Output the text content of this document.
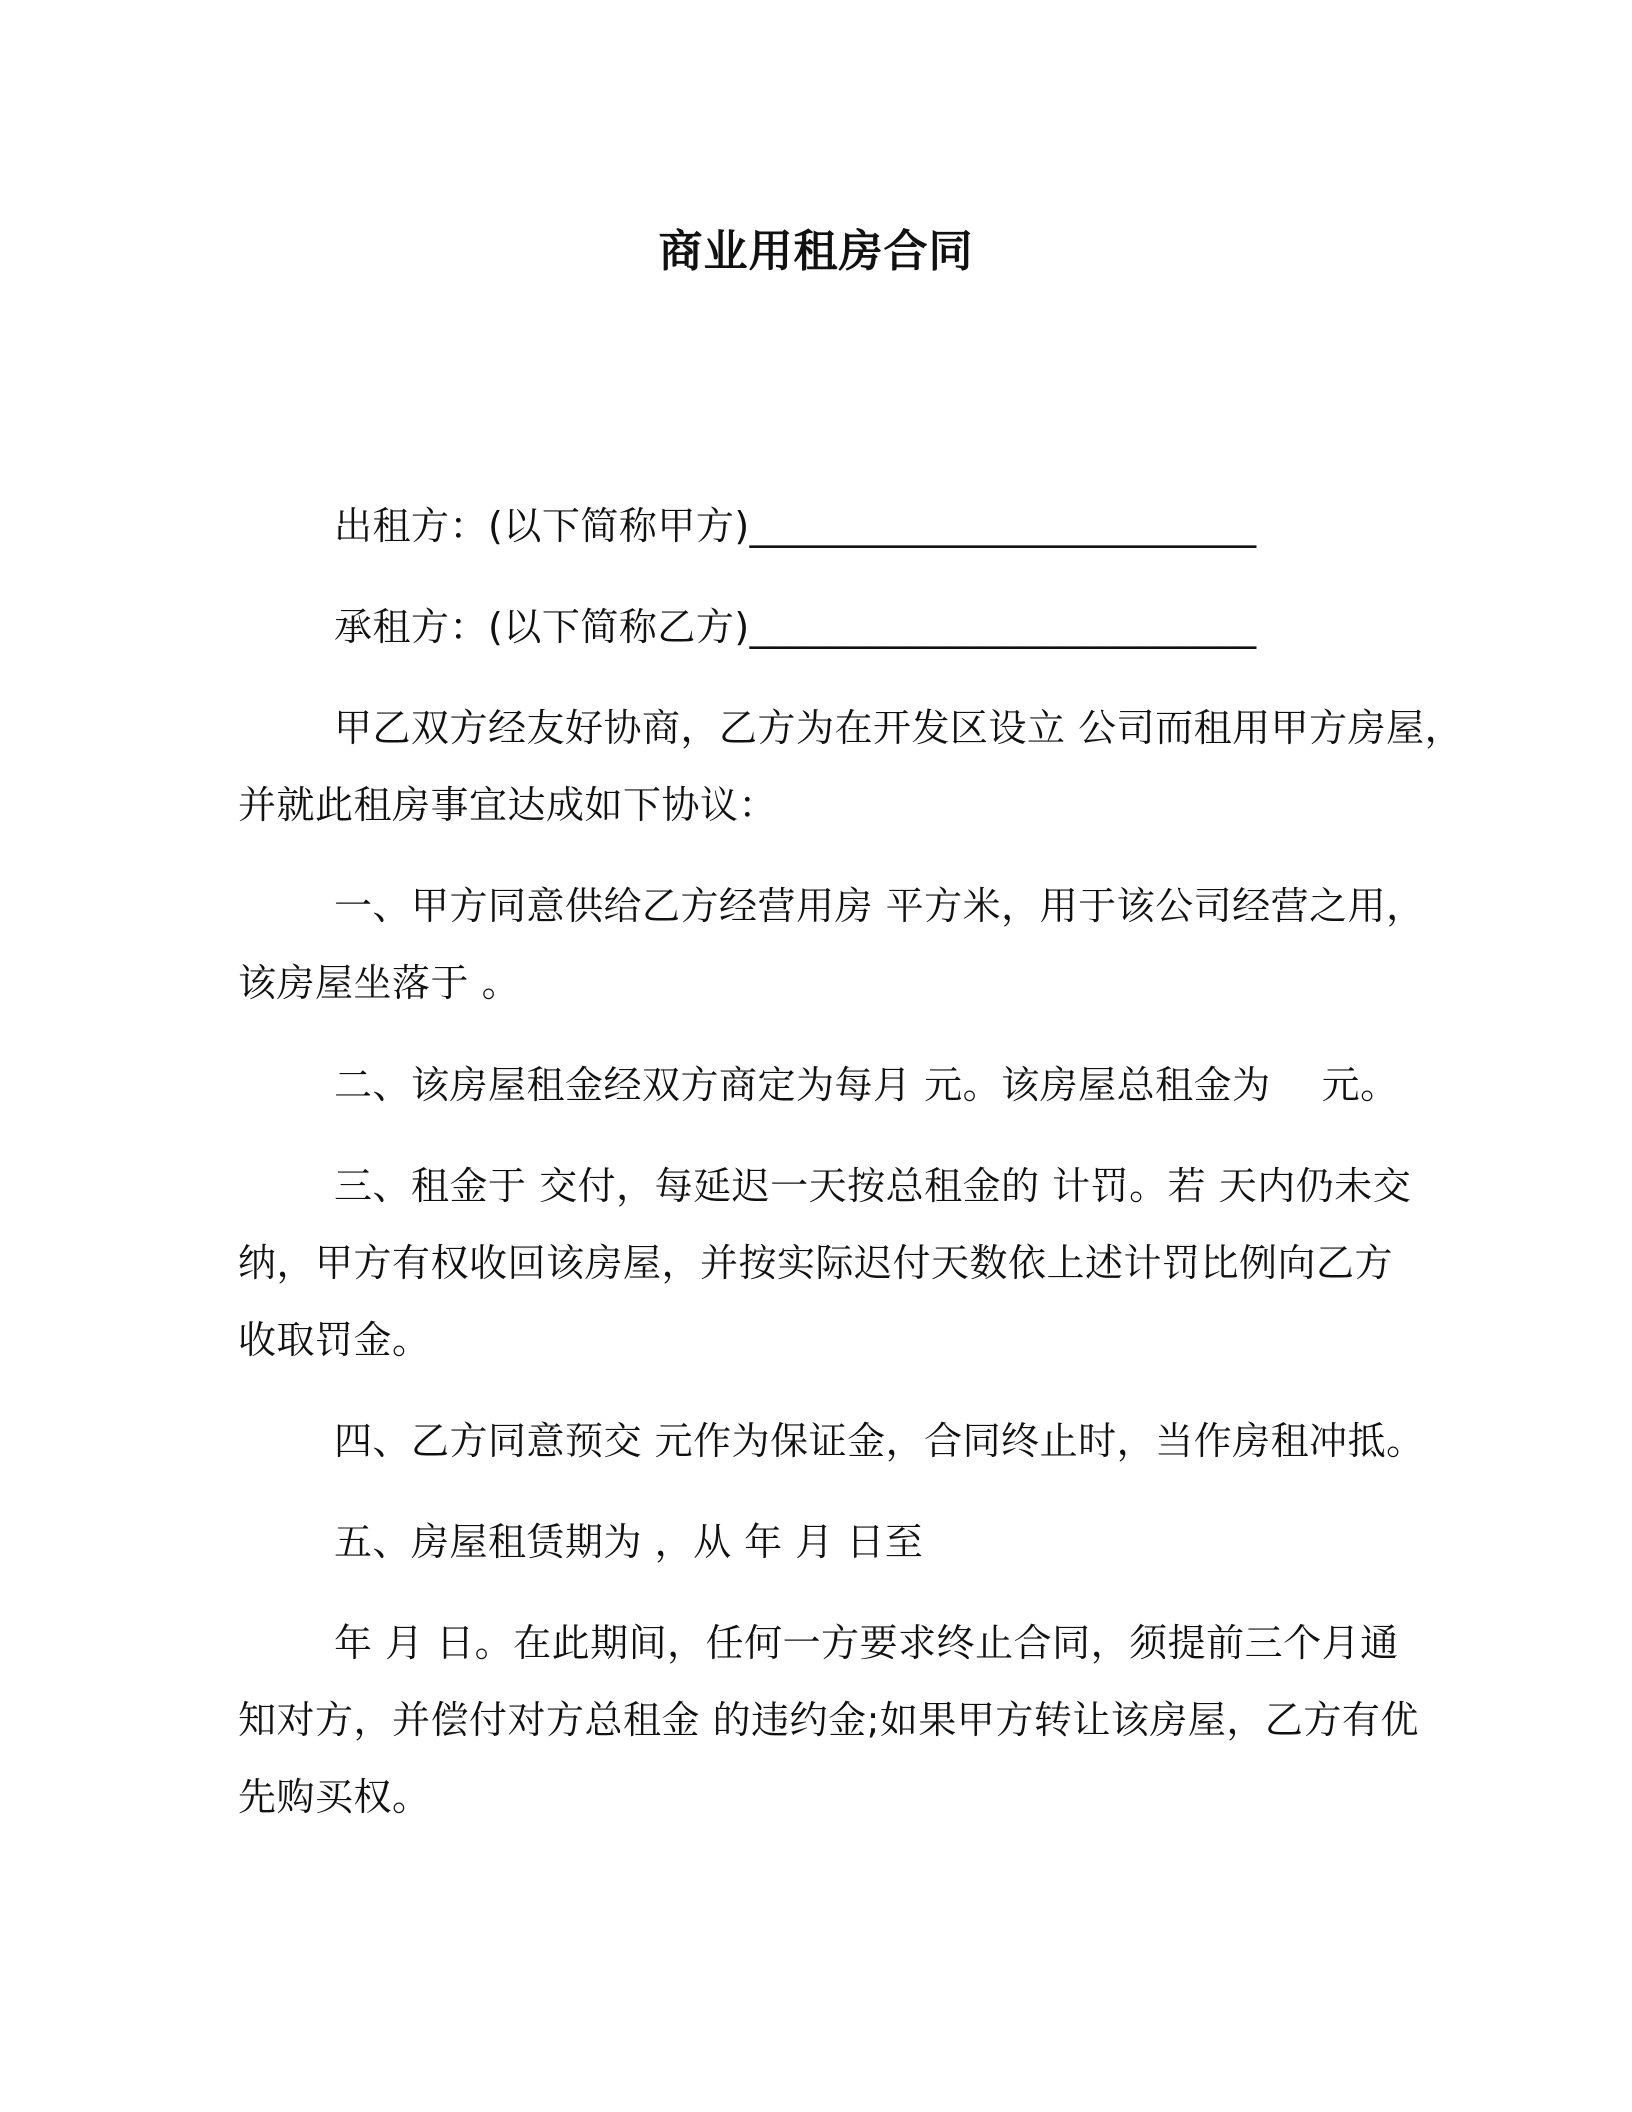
商业用租房合同
出租方：(以下简称甲方)__________________________
承租方：(以下简称乙方)__________________________
甲乙双方经友好协商，乙方为在开发区设立 公司而租用甲方房屋，
并就此租房事宜达成如下协议：
一、甲方同意供给乙方经营用房 平方米，用于该公司经营之用，
该房屋坐落于 。
二、该房屋租金经双方商定为每月 元。该房屋总租金为　 元。
三、租金于 交付，每延迟一天按总租金的 计罚。若 天内仍未交
纳，甲方有权收回该房屋，并按实际迟付天数依上述计罚比例向乙方
收取罚金。
四、乙方同意预交 元作为保证金，合同终止时，当作房租冲抵。
五、房屋租赁期为 ，从 年 月 日至
年 月 日。在此期间，任何一方要求终止合同，须提前三个月通
知对方，并偿付对方总租金 的违约金;如果甲方转让该房屋，乙方有优
先购买权。
